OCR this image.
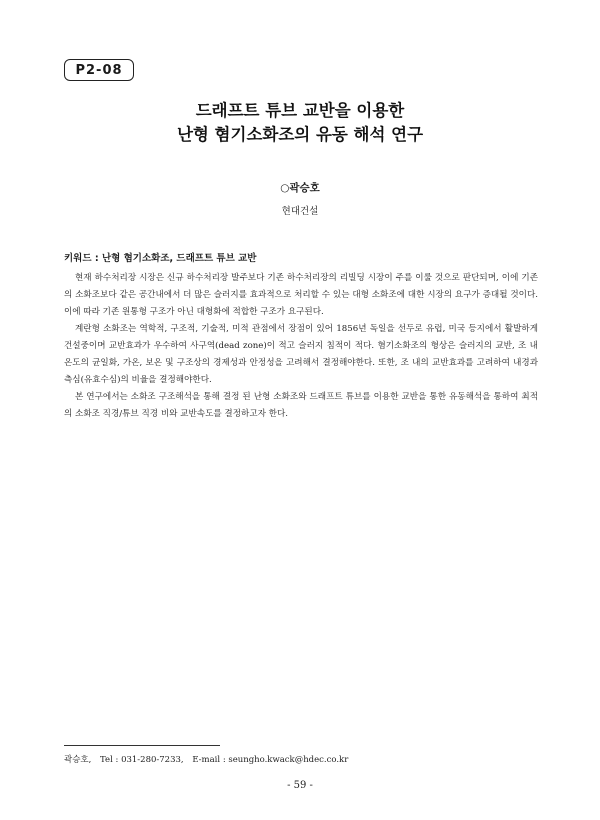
P2-08
드래프트 튜브 교반을 이용한
난형 혐기소화조의 유동 해석 연구
○곽승호
현대건설
키워드 : 난형 혐기소화조, 드래프트 튜브 교반

현재 하수처리장 시장은 신규 하수처리장 발주보다 기존 하수처리장의 리빌딩 시장이 주를 이룰 것으로 판단되며, 이에 기존의 소화조보다 같은 공간내에서 더 많은 슬러지를 효과적으로 처리할 수 있는 대형 소화조에 대한 시장의 요구가 증대될 것이다. 이에 따라 기존 원통형 구조가 아닌 대형화에 적합한 구조가 요구된다.

계란형 소화조는 역학적, 구조적, 기술적, 미적 관점에서 장점이 있어 1856년 독일을 선두로 유럽, 미국 등지에서 활발하게 건설중이며 교반효과가 우수하여 사구역(dead zone)이 적고 슬러지 침적이 적다. 혐기소화조의 형상은 슬러지의 교반, 조 내 온도의 균일화, 가온, 보온 및 구조상의 경제성과 안정성을 고려해서 결정해야한다. 또한, 조 내의 교반효과를 고려하여 내경과 측심(유효수심)의 비율을 결정해야한다.

본 연구에서는 소화조 구조해석을 통해 결정 된 난형 소화조와 드래프트 튜브를 이용한 교반을 통한 유동해석을 통하여 최적의 소화조 직경/튜브 직경 비와 교반속도를 결정하고자 한다.

곽승호, Tel : 031-280-7233, E-mail : seungho.kwack@hdec.co.kr
- 59 -
